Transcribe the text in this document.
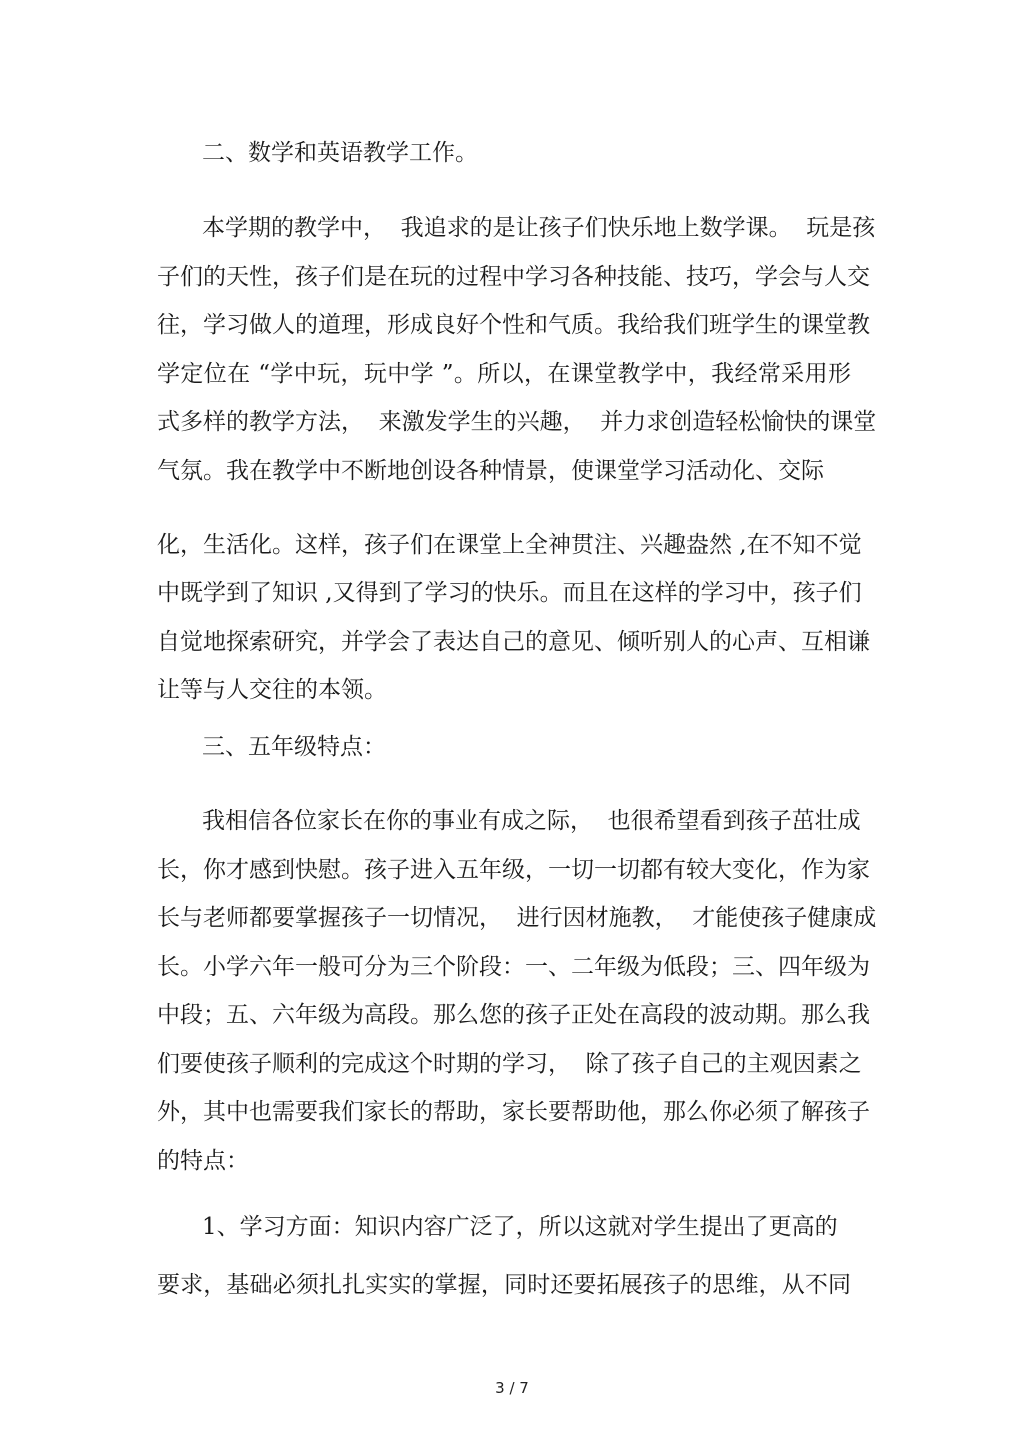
二、数学和英语教学工作。
本学期的教学中，  我追求的是让孩子们快乐地上数学课。  玩是孩
子们的天性，孩子们是在玩的过程中学习各种技能、技巧，学会与人交
往，学习做人的道理，形成良好个性和气质。我给我们班学生的课堂教
学定位在 “学中玩，玩中学 ”。所以，在课堂教学中，我经常采用形
式多样的教学方法，  来激发学生的兴趣，  并力求创造轻松愉快的课堂
气氛。我在教学中不断地创设各种情景，使课堂学习活动化、交际
化，生活化。这样，孩子们在课堂上全神贯注、兴趣盎然 ,在不知不觉
中既学到了知识 ,又得到了学习的快乐。而且在这样的学习中，孩子们
自觉地探索研究，并学会了表达自己的意见、倾听别人的心声、互相谦
让等与人交往的本领。
三、五年级特点：
我相信各位家长在你的事业有成之际，  也很希望看到孩子茁壮成
长，你才感到快慰。孩子进入五年级，一切一切都有较大变化，作为家
长与老师都要掌握孩子一切情况，  进行因材施教，  才能使孩子健康成
长。小学六年一般可分为三个阶段：一、二年级为低段；三、四年级为
中段；五、六年级为高段。那么您的孩子正处在高段的波动期。那么我
们要使孩子顺利的完成这个时期的学习，  除了孩子自己的主观因素之
外，其中也需要我们家长的帮助，家长要帮助他，那么你必须了解孩子
的特点：
1、学习方面：知识内容广泛了，所以这就对学生提出了更高的
要求，基础必须扎扎实实的掌握，同时还要拓展孩子的思维，从不同
3 / 7
